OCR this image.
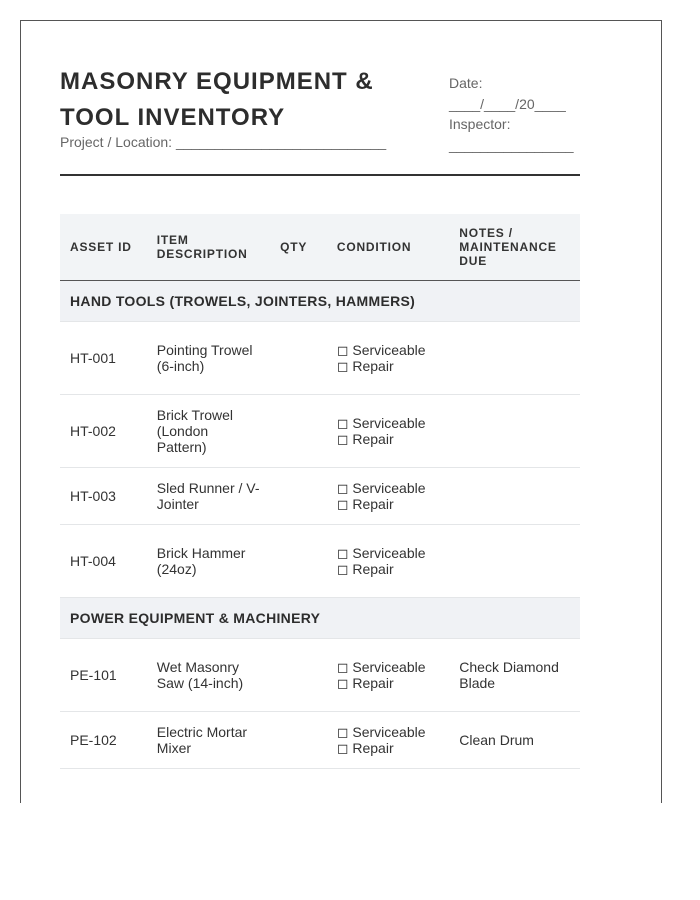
MASONRY EQUIPMENT &
TOOL INVENTORY
Project / Location: ___________________________
Date:
____/____/20____
Inspector:
________________
ASSET ID	ITEM DESCRIPTION	QTY	CONDITION	NOTES / MAINTENANCE DUE
HAND TOOLS (TROWELS, JOINTERS, HAMMERS)				
HT-001	Pointing Trowel (6-inch)		◻ Serviceable ◻ Repair	
HT-002	Brick Trowel (London Pattern)		◻ Serviceable ◻ Repair	
HT-003	Sled Runner / V-Jointer		◻ Serviceable ◻ Repair	
HT-004	Brick Hammer (24oz)		◻ Serviceable ◻ Repair	
POWER EQUIPMENT & MACHINERY				
PE-101	Wet Masonry Saw (14-inch)		◻ Serviceable ◻ Repair	Check Diamond Blade
PE-102	Electric Mortar Mixer		◻ Serviceable ◻ Repair	Clean Drum
